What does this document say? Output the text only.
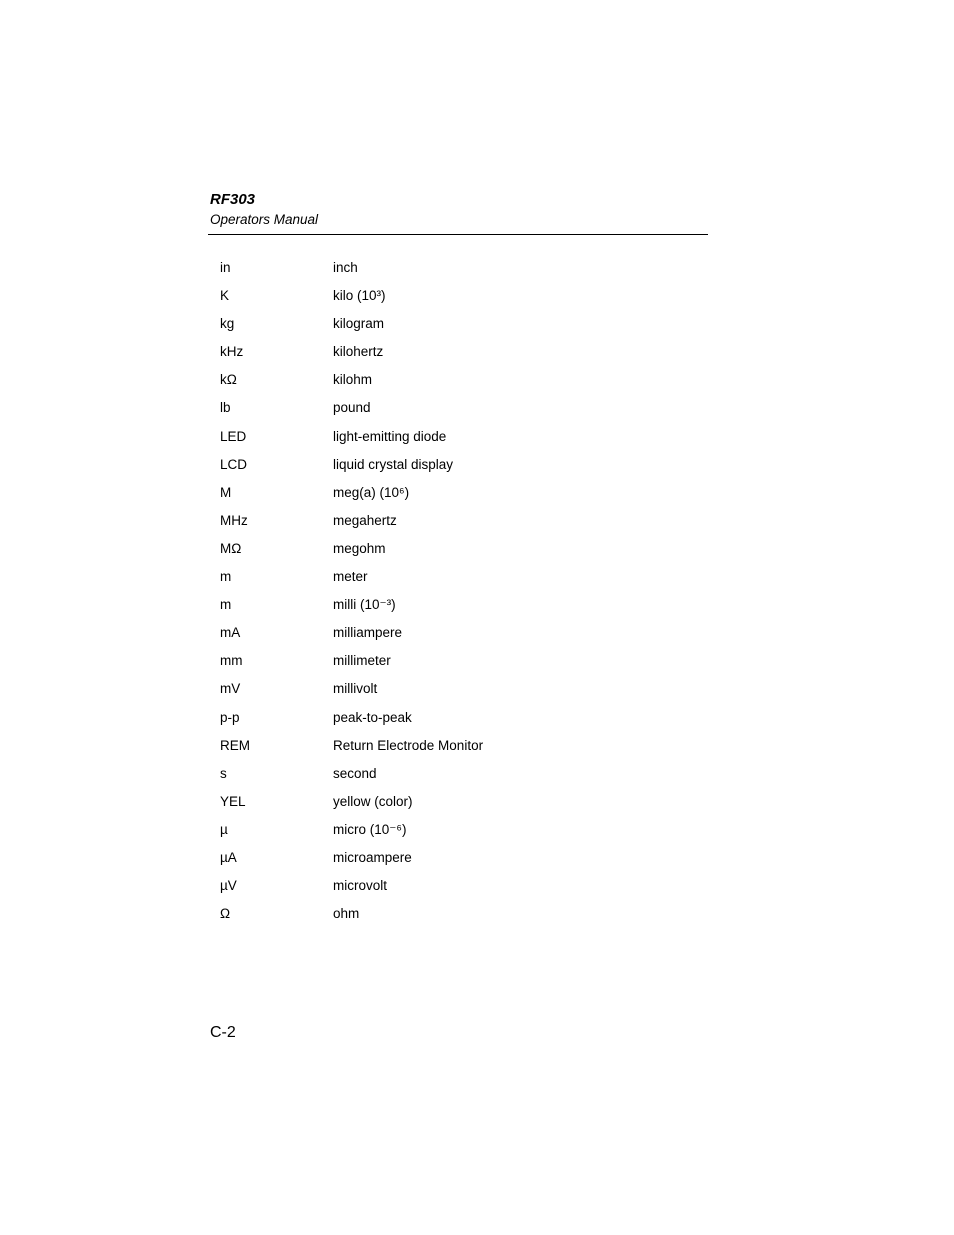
RF303
Operators Manual
in	inch
K	kilo (10³)
kg	kilogram
kHz	kilohertz
kΩ	kilohm
lb	pound
LED	light-emitting diode
LCD	liquid crystal display
M	meg(a) (10⁶)
MHz	megahertz
MΩ	megohm
m	meter
m	milli (10⁻³)
mA	milliampere
mm	millimeter
mV	millivolt
p-p	peak-to-peak
REM	Return Electrode Monitor
s	second
YEL	yellow (color)
µ	micro (10⁻⁶)
µA	microampere
µV	microvolt
Ω	ohm
C-2
